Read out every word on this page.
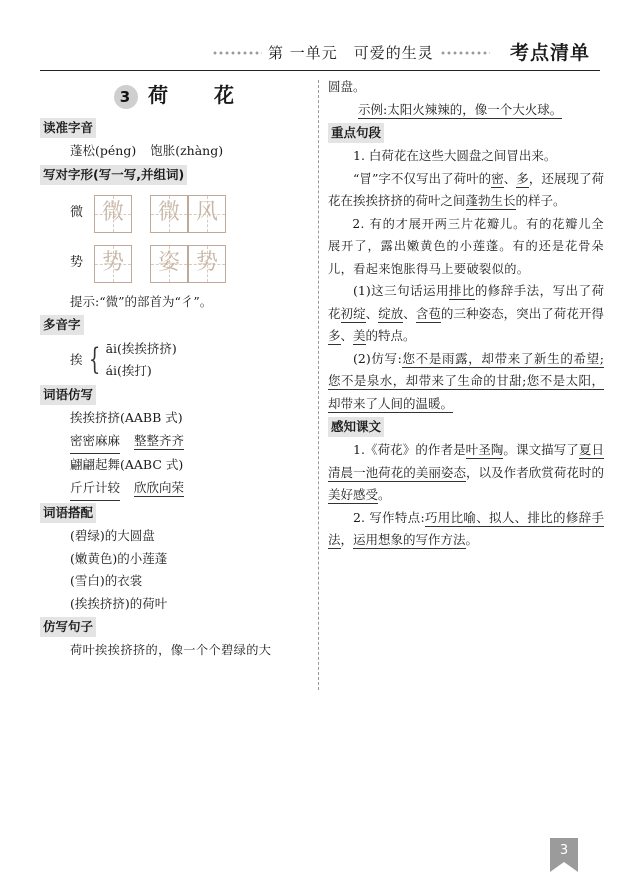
第 一单元　可爱的生灵	考点清单
3 荷　　花
读准字音
蓬松(péng) 饱胀(zhàng)
写对字形(写一写,并组词)
微 微 微 风
势 势 姿 势
提示:“微”的部首为“彳”。
多音字
挨 { āi(挨挨挤挤)
ái(挨打)
词语仿写
挨挨挤挤(AABB 式)
密密麻麻 整整齐齐
翩翩起舞(AABC 式)
斤斤计较 欣欣向荣
词语搭配
(碧绿)的大圆盘
(嫩黄色)的小莲蓬
(雪白)的衣裳
(挨挨挤挤)的荷叶
仿写句子
荷叶挨挨挤挤的，像一个个碧绿的大
圆盘。
示例:太阳火辣辣的，像一个大火球。
重点句段

1. 白荷花在这些大圆盘之间冒出来。

“冒”字不仅写出了荷叶的密、多，还展现了荷花在挨挨挤挤的荷叶之间蓬勃生长的样子。

2. 有的才展开两三片花瓣儿。有的花瓣儿全展开了，露出嫩黄色的小莲蓬。有的还是花骨朵儿，看起来饱胀得马上要破裂似的。

(1)这三句话运用排比的修辞手法，写出了荷花初绽、绽放、含苞的三种姿态，突出了荷花开得多、美的特点。

(2)仿写:您不是雨露，却带来了新生的希望;您不是泉水，却带来了生命的甘甜;您不是太阳，却带来了人间的温暖。

感知课文

1.《荷花》的作者是叶圣陶。课文描写了夏日清晨一池荷花的美丽姿态，以及作者欣赏荷花时的美好感受。

2. 写作特点:巧用比喻、拟人、排比的修辞手法，运用想象的写作方法。

3
